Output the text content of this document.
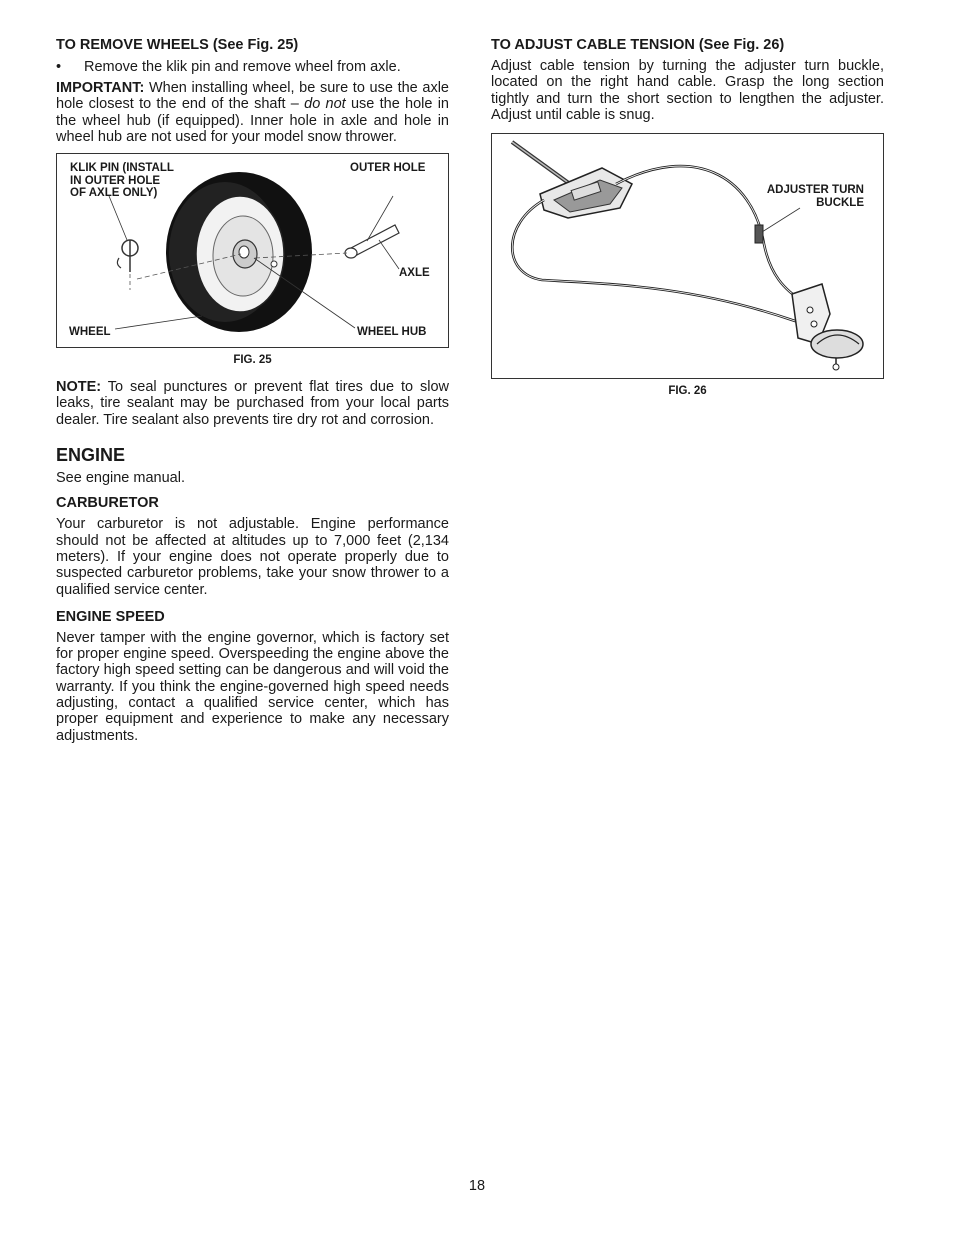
TO REMOVE WHEELS (See Fig. 25)
•	Remove the klik pin and remove wheel from axle.

IMPORTANT: When installing wheel, be sure to use the axle hole closest to the end of the shaft – do not use the hole in the wheel hub (if equipped). Inner hole in axle and hole in wheel hub are not used for your model snow thrower.

KLIK PIN (INSTALL
IN OUTER HOLE
OF AXLE ONLY)
OUTER HOLE
AXLE
WHEEL	WHEEL HUB
FIG. 25

NOTE: To seal punctures or prevent flat tires due to slow leaks, tire sealant may be purchased from your local parts dealer. Tire sealant also prevents tire dry rot and corrosion.

ENGINE

See engine manual.

CARBURETOR

Your carburetor is not adjustable. Engine performance should not be affected at altitudes up to 7,000 feet (2,134 meters). If your engine does not operate properly due to suspected carburetor problems, take your snow thrower to a qualified service center.

ENGINE SPEED

Never tamper with the engine governor, which is factory set for proper engine speed. Overspeeding the engine above the factory high speed setting can be dangerous and will void the warranty. If you think the engine-governed high speed needs adjusting, contact a qualified service center, which has proper equipment and experience to make any necessary adjustments.

TO ADJUST CABLE TENSION (See Fig. 26)

Adjust cable tension by turning the adjuster turn buckle, located on the right hand cable. Grasp the long section tightly and turn the short section to lengthen the adjuster. Adjust until cable is snug.

ADJUSTER TURN
BUCKLE
FIG. 26
18
